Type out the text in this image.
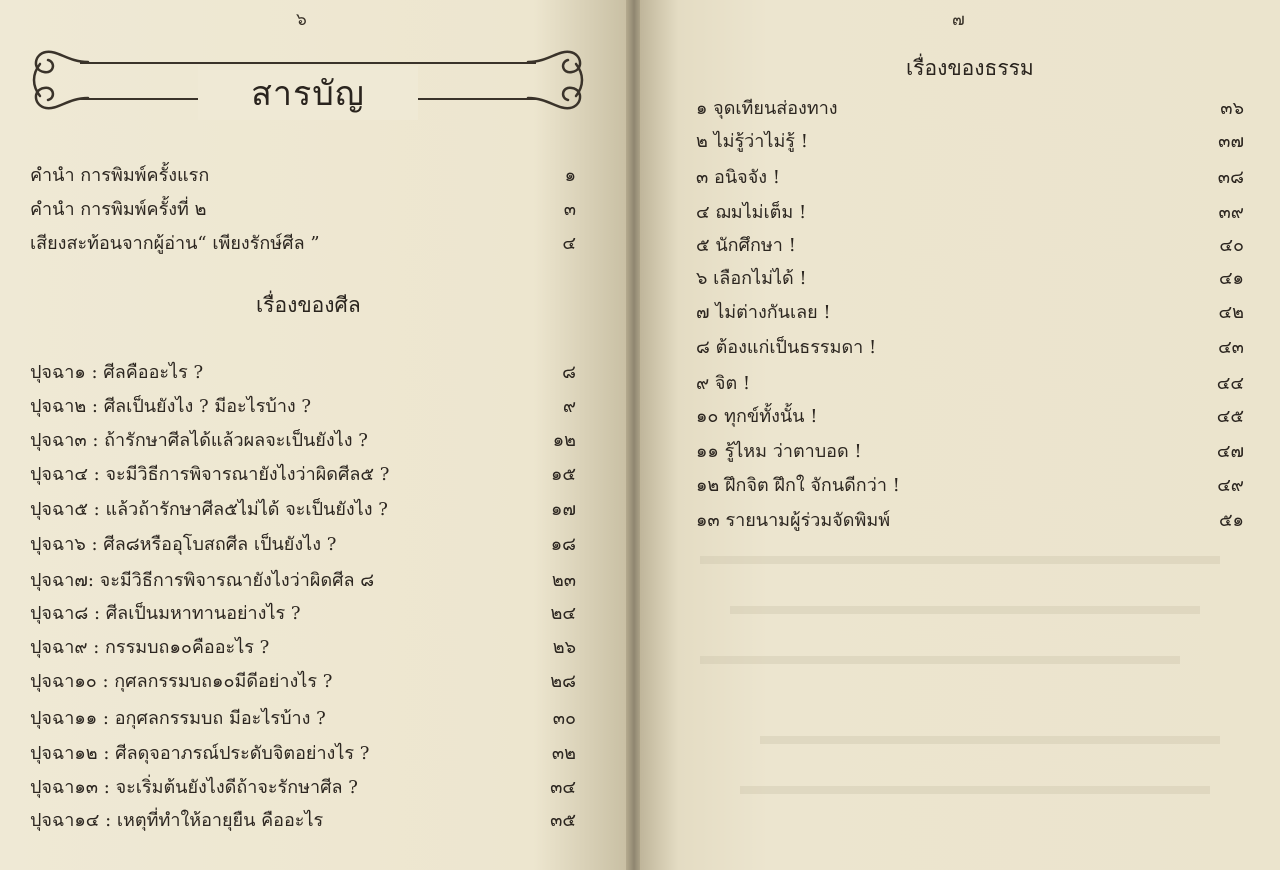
๖
สารบัญ
คำนำ การพิมพ์ครั้งแรก	๑
คำนำ การพิมพ์ครั้งที่ ๒	๓
เสียงสะท้อนจากผู้อ่าน“ เพียงรักษ์ศีล ”	๔
เรื่องของศีล
ปุจฉา๑ : ศีลคืออะไร ?	๘
ปุจฉา๒ : ศีลเป็นยังไง ? มีอะไรบ้าง ?	๙
ปุจฉา๓ : ถ้ารักษาศีลได้แล้วผลจะเป็นยังไง ?	๑๒
ปุจฉา๔ : จะมีวิธีการพิจารณายังไงว่าผิดศีล๕ ?	๑๕
ปุจฉา๕ : แล้วถ้ารักษาศีล๕ไม่ได้ จะเป็นยังไง ?	๑๗
ปุจฉา๖ : ศีล๘หรืออุโบสถศีล เป็นยังไง ?	๑๘
ปุจฉา๗: จะมีวิธีการพิจารณายังไงว่าผิดศีล ๘	๒๓
ปุจฉา๘ : ศีลเป็นมหาทานอย่างไร ?	๒๔
ปุจฉา๙ : กรรมบถ๑๐คืออะไร ?	๒๖
ปุจฉา๑๐ : กุศลกรรมบถ๑๐มีดีอย่างไร ?	๒๘
ปุจฉา๑๑ : อกุศลกรรมบถ มีอะไรบ้าง ?	๓๐
ปุจฉา๑๒ : ศีลดุจอาภรณ์ประดับจิตอย่างไร ?	๓๒
ปุจฉา๑๓ : จะเริ่มต้นยังไงดีถ้าจะรักษาศีล ?	๓๔
ปุจฉา๑๔ : เหตุที่ทำให้อายุยืน คืออะไร	๓๕
๗
เรื่องของธรรม
๑ จุดเทียนส่องทาง	๓๖
๒ ไม่รู้ว่าไม่รู้ !	๓๗
๓ อนิจจัง !	๓๘
๔ ฌมไม่เต็ม !	๓๙
๕ นักศึกษา !	๔๐
๖ เลือกไม่ได้ !	๔๑
๗ ไม่ต่างกันเลย !	๔๒
๘ ต้องแก่เป็นธรรมดา !	๔๓
๙ จิต !	๔๔
๑๐ ทุกข์ทั้งนั้น !	๔๕
๑๑ รู้ไหม ว่าตาบอด !	๔๗
๑๒ ฝึกจิต ฝึกใ จักนดีกว่า !	๔๙
๑๓ รายนามผู้ร่วมจัดพิมพ์	๕๑
